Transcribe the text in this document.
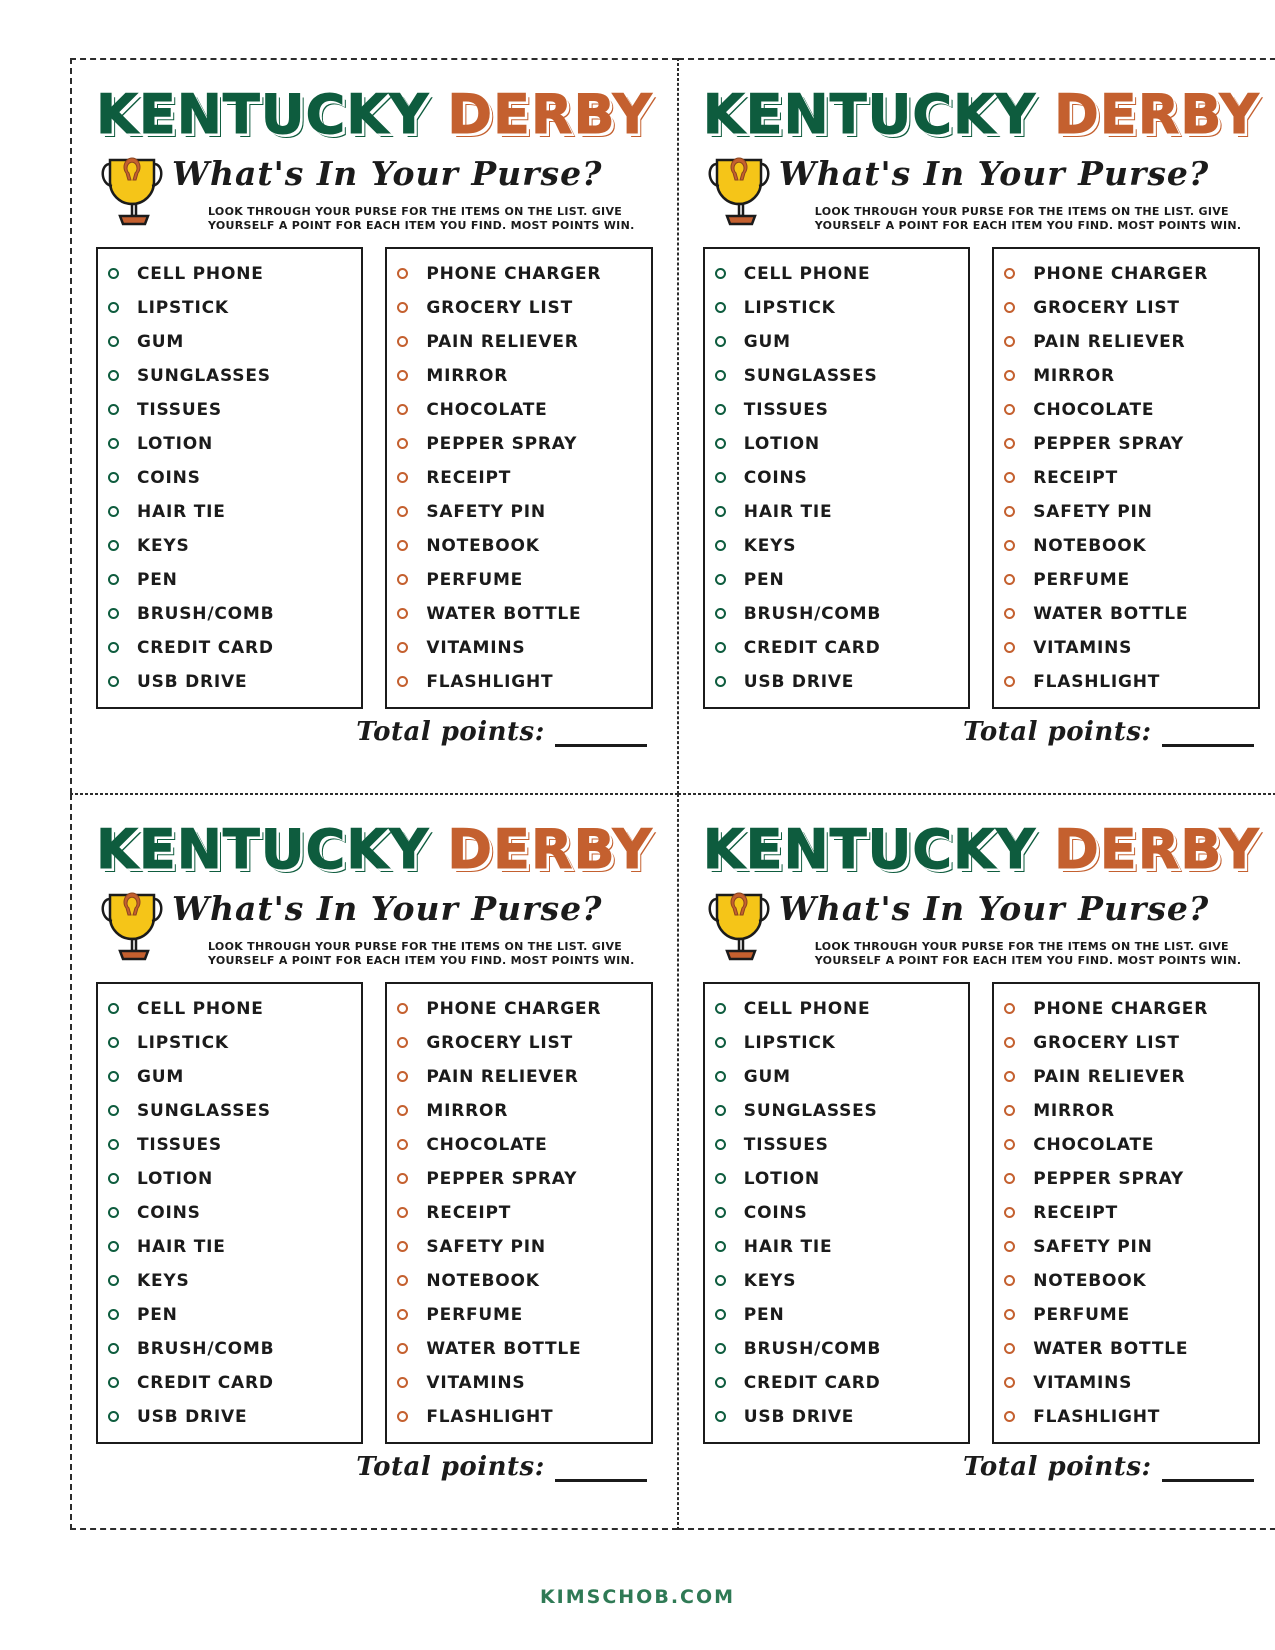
KENTUCKY DERBY
What's In Your Purse?
LOOK THROUGH YOUR PURSE FOR THE ITEMS ON THE LIST. GIVE YOURSELF A POINT FOR EACH ITEM YOU FIND. MOST POINTS WIN.
CELL PHONE
LIPSTICK
GUM
SUNGLASSES
TISSUES
LOTION
COINS
HAIR TIE
KEYS
PEN
BRUSH/COMB
CREDIT CARD
USB DRIVE
PHONE CHARGER
GROCERY LIST
PAIN RELIEVER
MIRROR
CHOCOLATE
PEPPER SPRAY
RECEIPT
SAFETY PIN
NOTEBOOK
PERFUME
WATER BOTTLE
VITAMINS
FLASHLIGHT
Total points:
KENTUCKY DERBY
What's In Your Purse?
LOOK THROUGH YOUR PURSE FOR THE ITEMS ON THE LIST. GIVE YOURSELF A POINT FOR EACH ITEM YOU FIND. MOST POINTS WIN.
CELL PHONE
LIPSTICK
GUM
SUNGLASSES
TISSUES
LOTION
COINS
HAIR TIE
KEYS
PEN
BRUSH/COMB
CREDIT CARD
USB DRIVE
PHONE CHARGER
GROCERY LIST
PAIN RELIEVER
MIRROR
CHOCOLATE
PEPPER SPRAY
RECEIPT
SAFETY PIN
NOTEBOOK
PERFUME
WATER BOTTLE
VITAMINS
FLASHLIGHT
Total points:
KENTUCKY DERBY
What's In Your Purse?
LOOK THROUGH YOUR PURSE FOR THE ITEMS ON THE LIST. GIVE YOURSELF A POINT FOR EACH ITEM YOU FIND. MOST POINTS WIN.
CELL PHONE
LIPSTICK
GUM
SUNGLASSES
TISSUES
LOTION
COINS
HAIR TIE
KEYS
PEN
BRUSH/COMB
CREDIT CARD
USB DRIVE
PHONE CHARGER
GROCERY LIST
PAIN RELIEVER
MIRROR
CHOCOLATE
PEPPER SPRAY
RECEIPT
SAFETY PIN
NOTEBOOK
PERFUME
WATER BOTTLE
VITAMINS
FLASHLIGHT
Total points:
KENTUCKY DERBY
What's In Your Purse?
LOOK THROUGH YOUR PURSE FOR THE ITEMS ON THE LIST. GIVE YOURSELF A POINT FOR EACH ITEM YOU FIND. MOST POINTS WIN.
CELL PHONE
LIPSTICK
GUM
SUNGLASSES
TISSUES
LOTION
COINS
HAIR TIE
KEYS
PEN
BRUSH/COMB
CREDIT CARD
USB DRIVE
PHONE CHARGER
GROCERY LIST
PAIN RELIEVER
MIRROR
CHOCOLATE
PEPPER SPRAY
RECEIPT
SAFETY PIN
NOTEBOOK
PERFUME
WATER BOTTLE
VITAMINS
FLASHLIGHT
Total points:
KIMSCHOB.COM
